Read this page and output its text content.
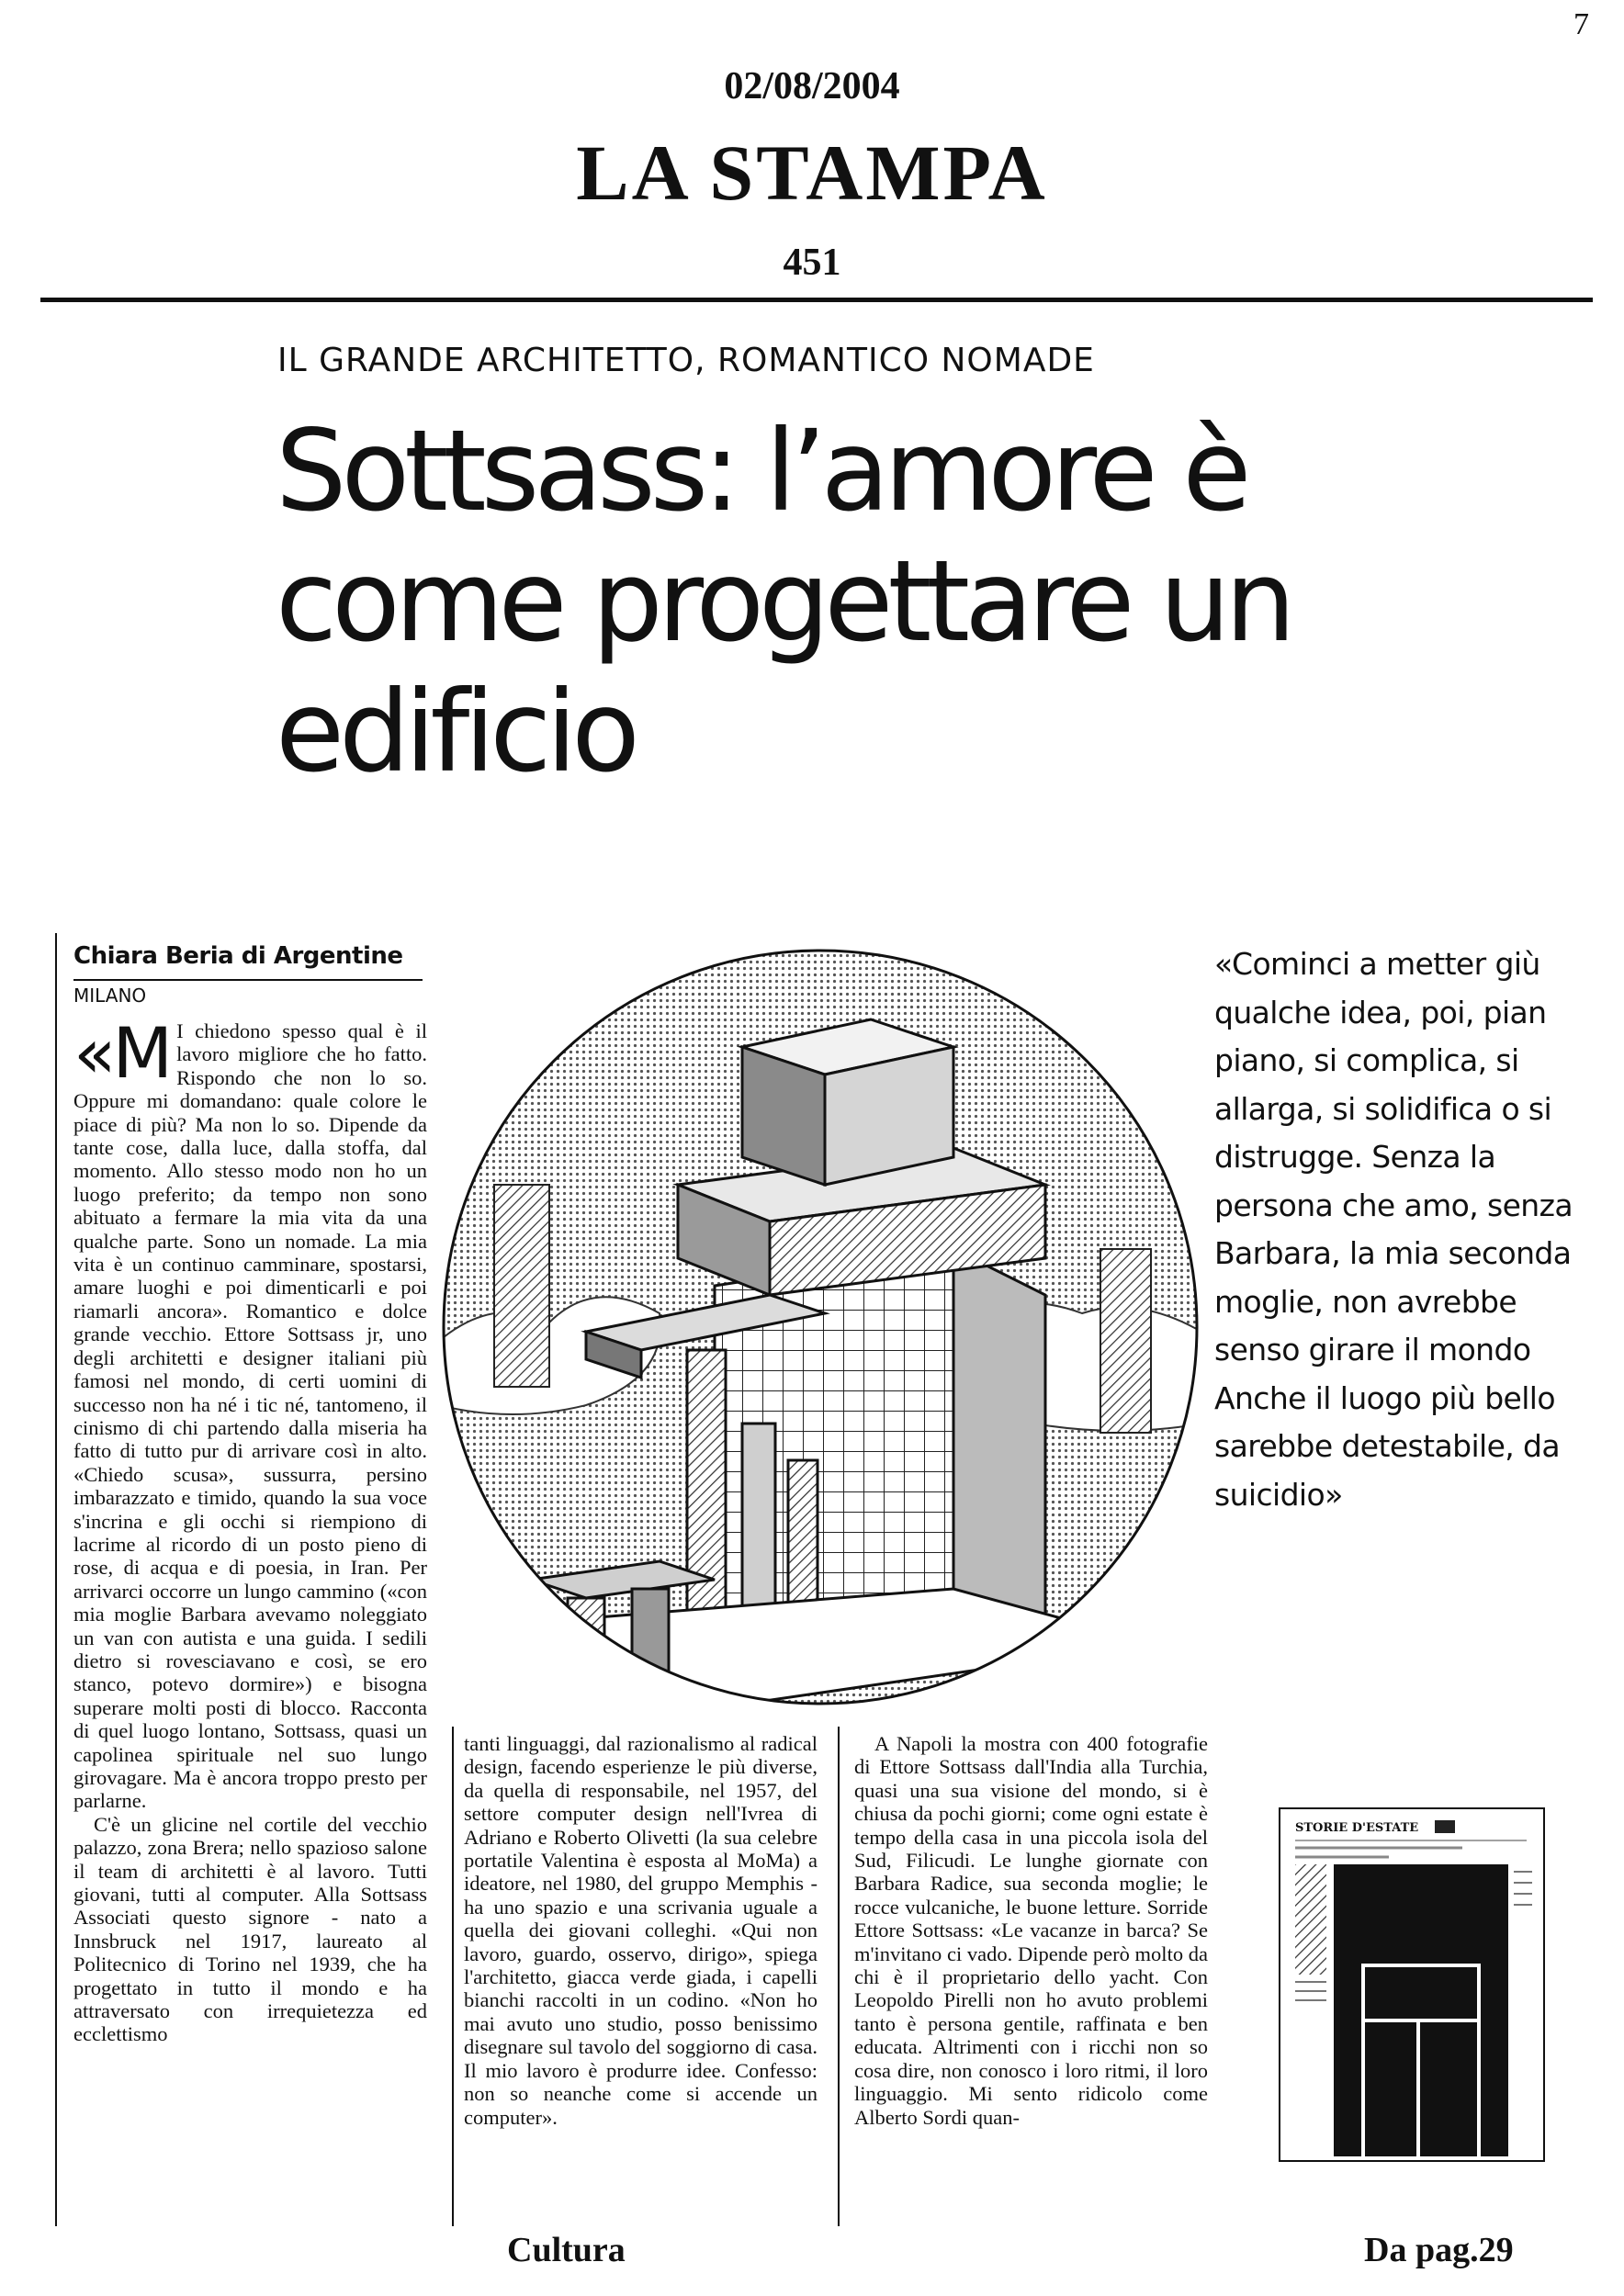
7
02/08/2004
LA STAMPA
451
IL GRANDE ARCHITETTO, ROMANTICO NOMADE
Sottsass: l’amore è come progettare un edificio
Chiara Beria di Argentine
MILANO
«M I chiedono spesso qual è il lavoro migliore che ho fatto. Rispondo che non lo so. Oppure mi domandano: quale colore le piace di più? Ma non lo so. Dipende da tante cose, dalla luce, dalla stoffa, dal momento. Allo stesso modo non ho un luogo preferito; da tempo non sono abituato a fermare la mia vita da una qualche parte. Sono un nomade. La mia vita è un continuo camminare, spostarsi, amare luoghi e poi dimenticarli e poi riamarli ancora». Romantico e dolce grande vecchio. Ettore Sottsass jr, uno degli architetti e designer italiani più famosi nel mondo, di certi uomini di successo non ha né i tic né, tantomeno, il cinismo di chi partendo dalla miseria ha fatto di tutto pur di arrivare così in alto. «Chiedo scusa», sussurra, persino imbarazzato e timido, quando la sua voce s'incrina e gli occhi si riempiono di lacrime al ricordo di un posto pieno di rose, di acqua e di poesia, in Iran. Per arrivarci occorre un lungo cammino («con mia moglie Barbara avevamo noleggiato un van con autista e una guida. I sedili dietro si rovesciavano e così, se ero stanco, potevo dormire») e bisogna superare molti posti di blocco. Racconta di quel luogo lontano, Sottsass, quasi un capolinea spirituale nel suo lungo girovagare. Ma è ancora troppo presto per parlarne.

C'è un glicine nel cortile del vecchio palazzo, zona Brera; nello spazioso salone il team di architetti è al lavoro. Tutti giovani, tutti al computer. Alla Sottsass Associati questo signore - nato a Innsbruck nel 1917, laureato al Politecnico di Torino nel 1939, che ha progettato in tutto il mondo e ha attraversato con irrequietezza ed ecclettismo

tanti linguaggi, dal razionalismo al radical design, facendo esperienze le più diverse, da quella di responsabile, nel 1957, del settore computer design nell'Ivrea di Adriano e Roberto Olivetti (la sua celebre portatile Valentina è esposta al MoMa) a ideatore, nel 1980, del gruppo Memphis - ha uno spazio e una scrivania uguale a quella dei giovani colleghi. «Qui non lavoro, guardo, osservo, dirigo», spiega l'architetto, giacca verde giada, i capelli bianchi raccolti in un codino. «Non ho mai avuto uno studio, posso benissimo disegnare sul tavolo del soggiorno di casa. Il mio lavoro è produrre idee. Confesso: non so neanche come si accende un computer».

A Napoli la mostra con 400 fotografie di Ettore Sottsass dall'India alla Turchia, quasi una sua visione del mondo, si è chiusa da pochi giorni; come ogni estate è tempo della casa in una piccola isola del Sud, Filicudi. Le lunghe giornate con Barbara Radice, sua seconda moglie; le rocce vulcaniche, le buone letture. Sorride Ettore Sottsass: «Le vacanze in barca? Se m'invitano ci vado. Dipende però molto da chi è il proprietario dello yacht. Con Leopoldo Pirelli non ho avuto problemi tanto è persona gentile, raffinata e ben educata. Altrimenti con i ricchi non so cosa dire, non conosco i loro ritmi, il loro linguaggio. Mi sento ridicolo come Alberto Sordi quan-

«Cominci a metter giù qualche idea, poi, pian piano, si complica, si allarga, si solidifica o si distrugge. Senza la persona che amo, senza Barbara, la mia seconda moglie, non avrebbe senso girare il mondo Anche il luogo più bello sarebbe detestabile, da suicidio»
STORIE D'ESTATE
Cultura	Da pag.29
